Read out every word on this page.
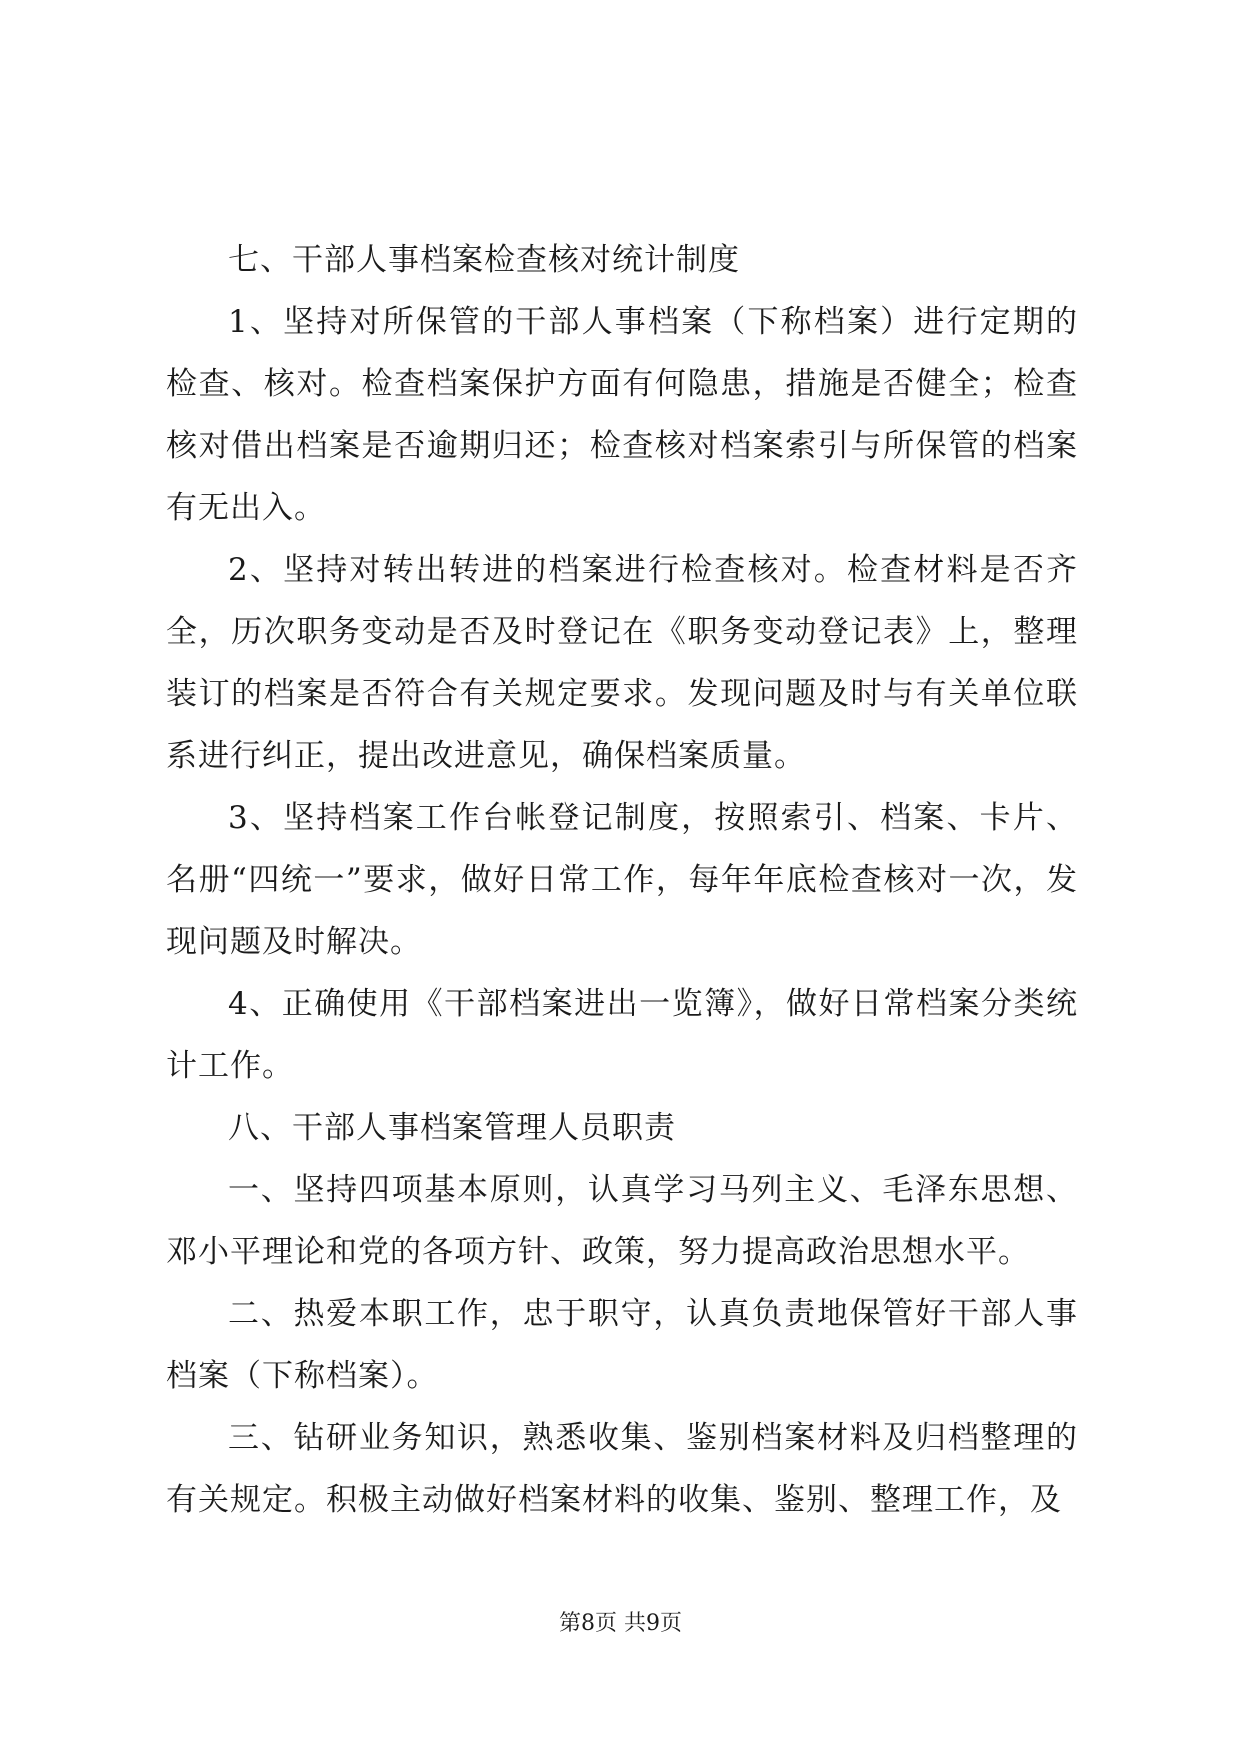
七、干部人事档案检查核对统计制度

1、坚持对所保管的干部人事档案（下称档案）进行定期的检查、核对。检查档案保护方面有何隐患，措施是否健全；检查核对借出档案是否逾期归还；检查核对档案索引与所保管的档案有无出入。

2、坚持对转出转进的档案进行检查核对。检查材料是否齐全，历次职务变动是否及时登记在《职务变动登记表》上，整理装订的档案是否符合有关规定要求。发现问题及时与有关单位联系进行纠正，提出改进意见，确保档案质量。

3、坚持档案工作台帐登记制度，按照索引、档案、卡片、名册“四统一”要求，做好日常工作，每年年底检查核对一次，发现问题及时解决。

4、正确使用《干部档案进出一览簿》，做好日常档案分类统计工作。

八、干部人事档案管理人员职责

一、坚持四项基本原则，认真学习马列主义、毛泽东思想、邓小平理论和党的各项方针、政策，努力提高政治思想水平。

二、热爱本职工作，忠于职守，认真负责地保管好干部人事档案（下称档案）。

三、钻研业务知识，熟悉收集、鉴别档案材料及归档整理的有关规定。积极主动做好档案材料的收集、鉴别、整理工作，及

第8页 共9页
